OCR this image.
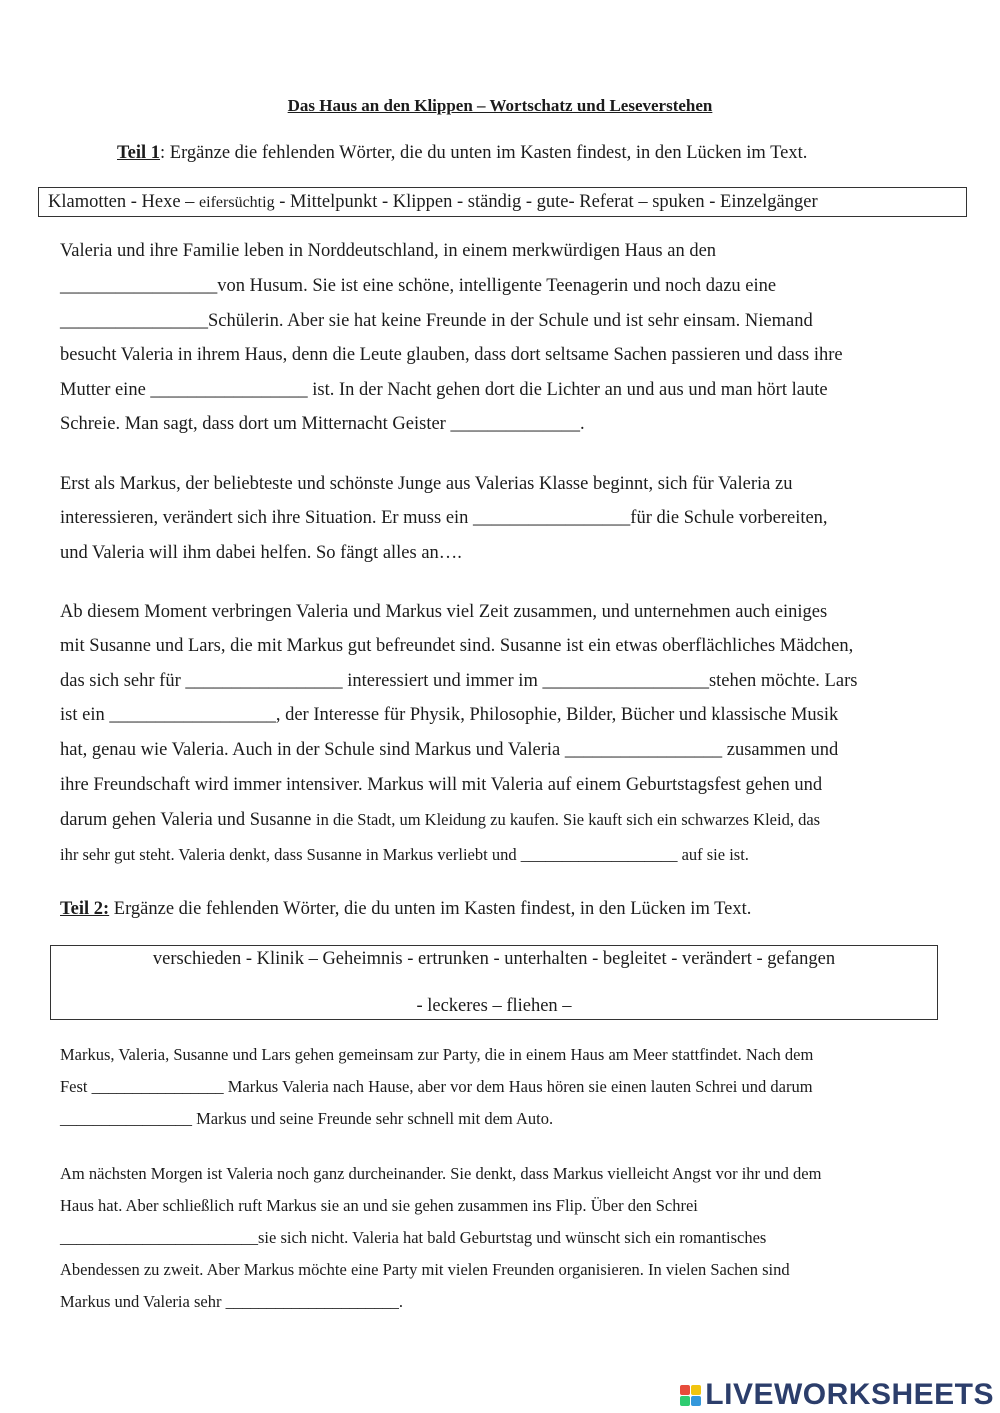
Das Haus an den Klippen – Wortschatz und Leseverstehen
Teil 1: Ergänze die fehlenden Wörter, die du unten im Kasten findest, in den Lücken im Text.
Klamotten - Hexe – eifersüchtig - Mittelpunkt - Klippen - ständig - gute- Referat – spuken - Einzelgänger
Valeria und ihre Familie leben in Norddeutschland, in einem merkwürdigen Haus an den
_________________von Husum. Sie ist eine schöne, intelligente Teenagerin und noch dazu eine
________________Schülerin. Aber sie hat keine Freunde in der Schule und ist sehr einsam. Niemand
besucht Valeria in ihrem Haus, denn die Leute glauben, dass dort seltsame Sachen passieren und dass ihre
Mutter eine _________________ ist. In der Nacht gehen dort die Lichter an und aus und man hört laute
Schreie. Man sagt, dass dort um Mitternacht Geister ______________.
Erst als Markus, der beliebteste und schönste Junge aus Valerias Klasse beginnt, sich für Valeria zu
interessieren, verändert sich ihre Situation. Er muss ein _________________für die Schule vorbereiten,
und Valeria will ihm dabei helfen. So fängt alles an….
Ab diesem Moment verbringen Valeria und Markus viel Zeit zusammen, und unternehmen auch einiges
mit Susanne und Lars, die mit Markus gut befreundet sind. Susanne ist ein etwas oberflächliches Mädchen,
das sich sehr für _________________ interessiert und immer im __________________stehen möchte. Lars
ist ein __________________, der Interesse für Physik, Philosophie, Bilder, Bücher und klassische Musik
hat, genau wie Valeria. Auch in der Schule sind Markus und Valeria _________________ zusammen und
ihre Freundschaft wird immer intensiver. Markus will mit Valeria auf einem Geburtstagsfest gehen und
darum gehen Valeria und Susanne in die Stadt, um Kleidung zu kaufen. Sie kauft sich ein schwarzes Kleid, das
ihr sehr gut steht. Valeria denkt, dass Susanne in Markus verliebt und ___________________ auf sie ist.
Teil 2: Ergänze die fehlenden Wörter, die du unten im Kasten findest, in den Lücken im Text.
verschieden - Klinik – Geheimnis - ertrunken - unterhalten - begleitet - verändert - gefangen
- leckeres – fliehen –
Markus, Valeria, Susanne und Lars gehen gemeinsam zur Party, die in einem Haus am Meer stattfindet. Nach dem
Fest ________________ Markus Valeria nach Hause, aber vor dem Haus hören sie einen lauten Schrei und darum
________________ Markus und seine Freunde sehr schnell mit dem Auto.
Am nächsten Morgen ist Valeria noch ganz durcheinander. Sie denkt, dass Markus vielleicht Angst vor ihr und dem
Haus hat. Aber schließlich ruft Markus sie an und sie gehen zusammen ins Flip. Über den Schrei
________________________sie sich nicht. Valeria hat bald Geburtstag und wünscht sich ein romantisches
Abendessen zu zweit. Aber Markus möchte eine Party mit vielen Freunden organisieren. In vielen Sachen sind
Markus und Valeria sehr _____________________.
LIVEWORKSHEETS
